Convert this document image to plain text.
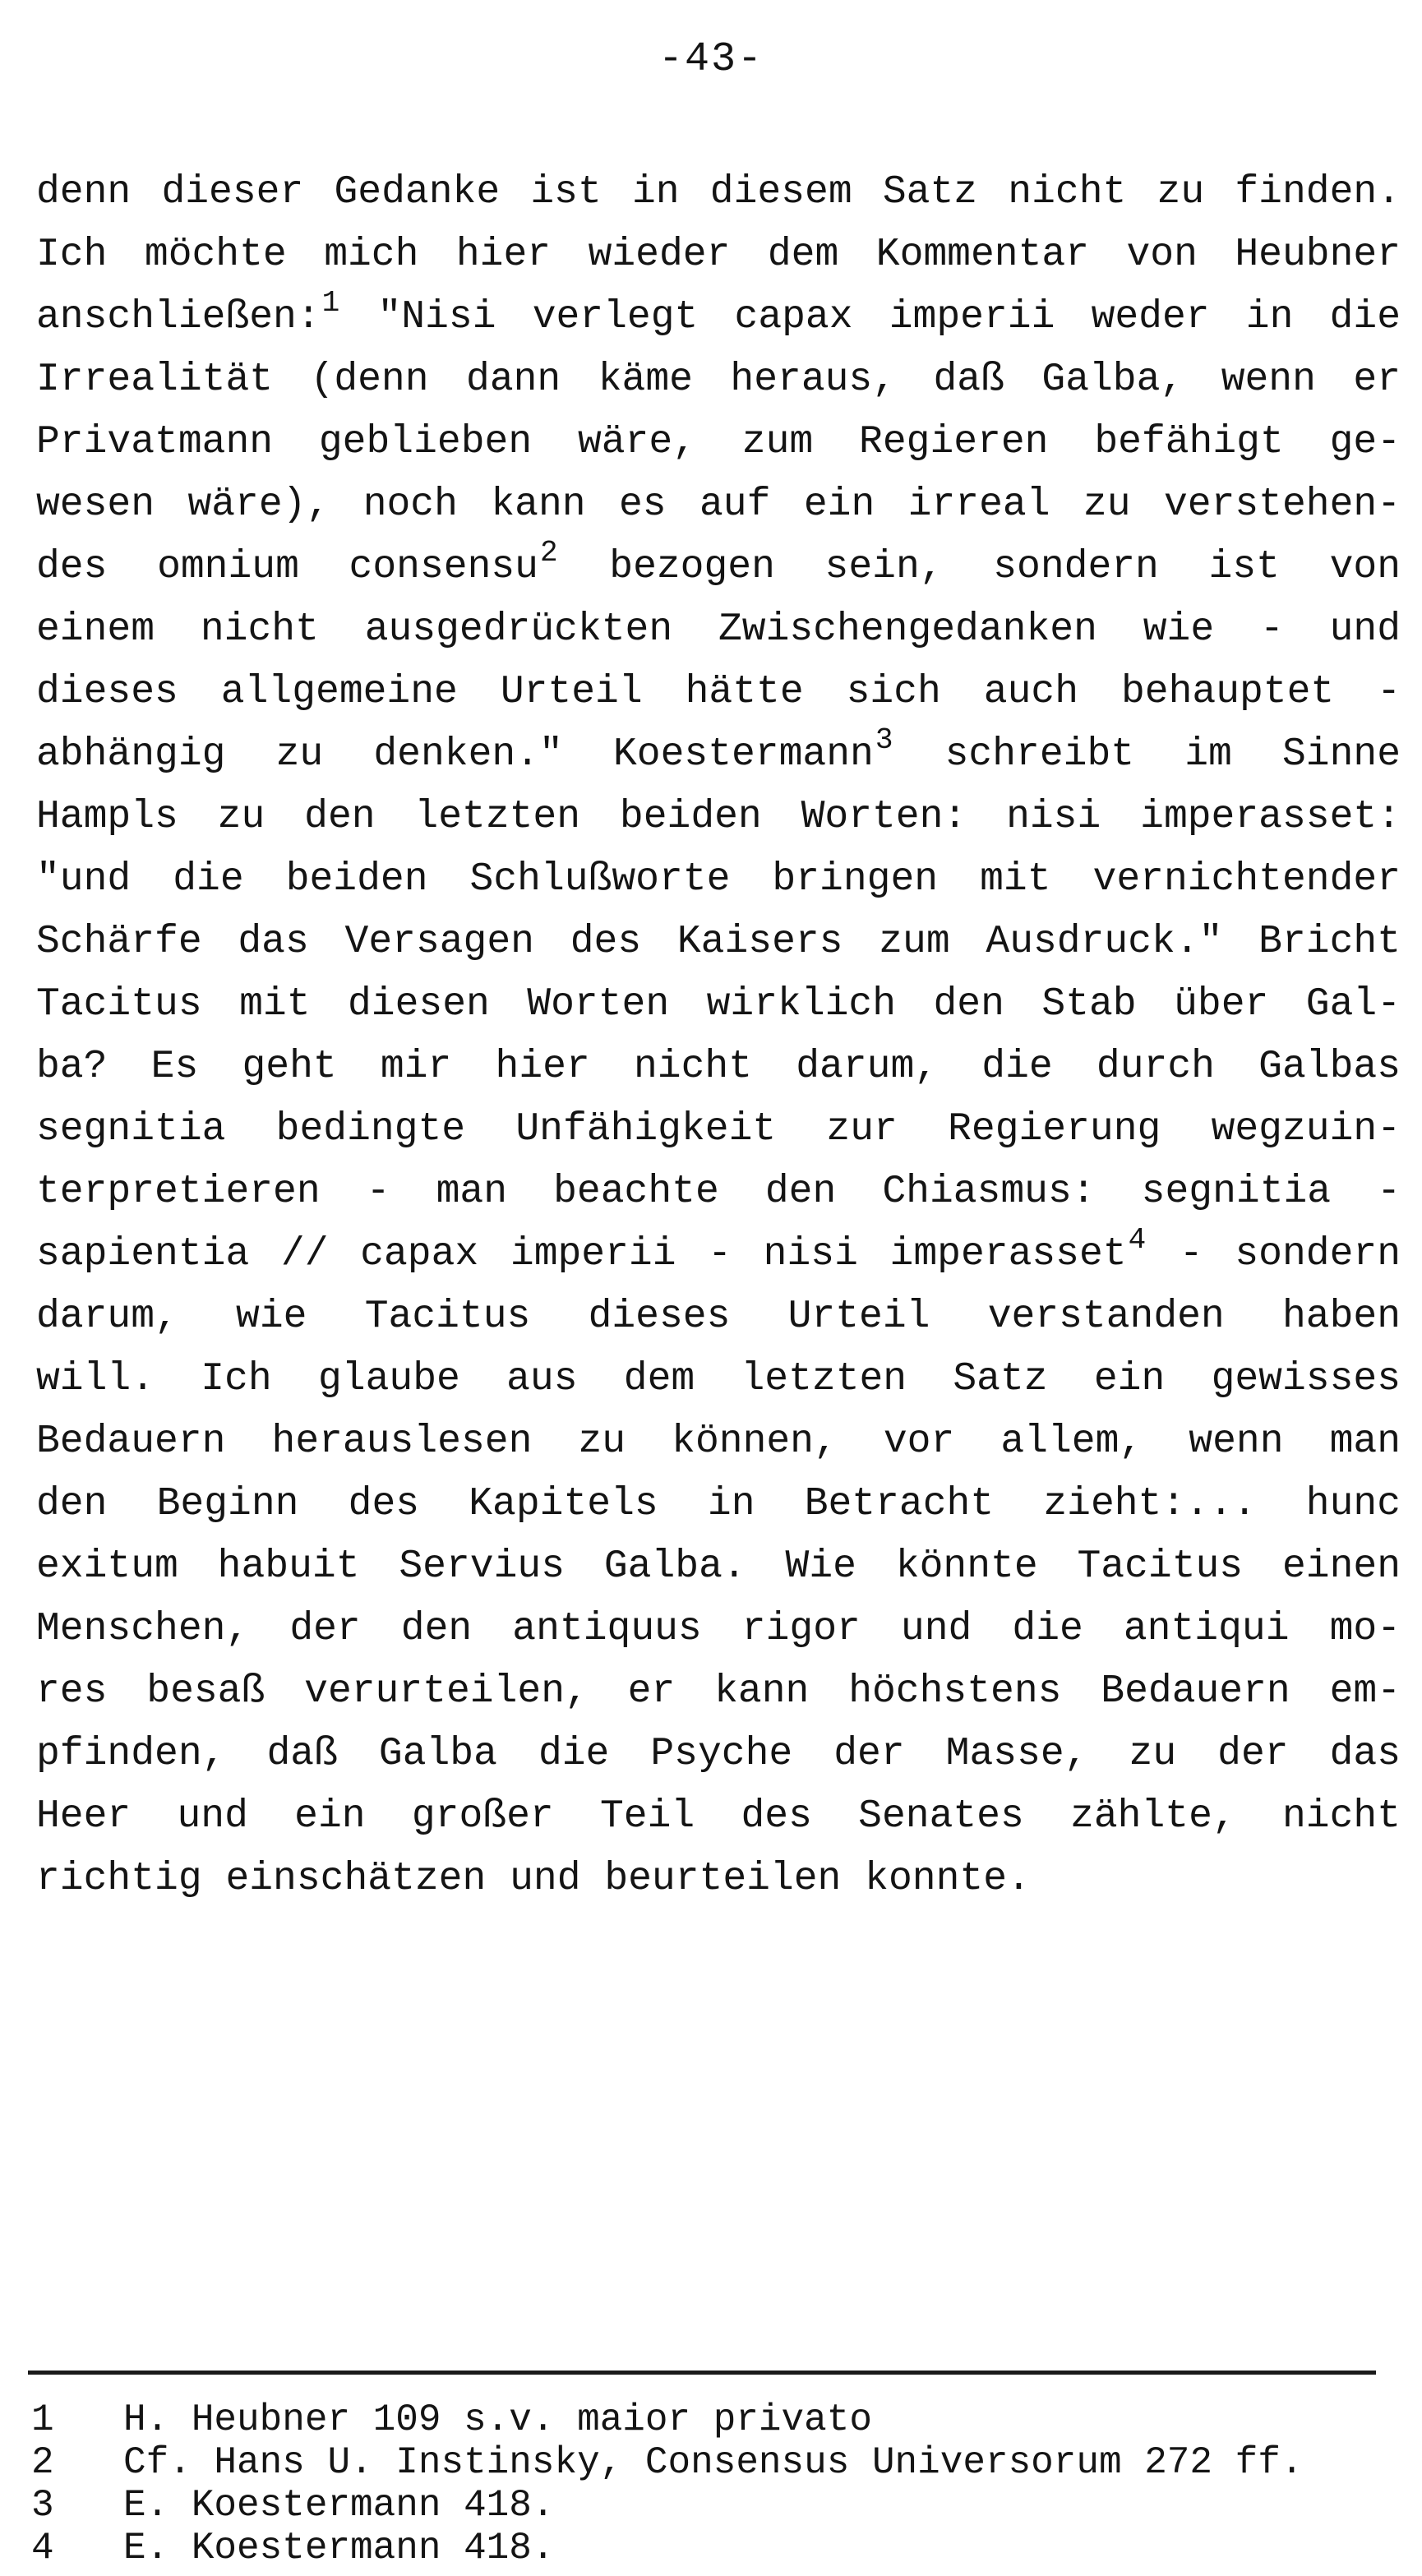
-43-
denn dieser Gedanke ist in diesem Satz nicht zu finden.
Ich möchte mich hier wieder dem Kommentar von Heubner
anschließen:$^1$ "Nisi verlegt capax imperii weder in die
Irrealität (denn dann käme heraus, daß Galba, wenn er
Privatmann geblieben wäre, zum Regieren befähigt ge-
wesen wäre), noch kann es auf ein irreal zu verstehen-
des omnium consensu$^2$ bezogen sein, sondern ist von
einem nicht ausgedrückten Zwischengedanken wie - und
dieses allgemeine Urteil hätte sich auch behauptet -
abhängig zu denken." Koestermann$^3$ schreibt im Sinne
Hampls zu den letzten beiden Worten: nisi imperasset:
"und die beiden Schlußworte bringen mit vernichtender
Schärfe das Versagen des Kaisers zum Ausdruck." Bricht
Tacitus mit diesen Worten wirklich den Stab über Gal-
ba? Es geht mir hier nicht darum, die durch Galbas
segnitia bedingte Unfähigkeit zur Regierung wegzuin-
terpretieren - man beachte den Chiasmus: segnitia -
sapientia // capax imperii - nisi imperasset$^4$ - sondern
darum, wie Tacitus dieses Urteil verstanden haben
will. Ich glaube aus dem letzten Satz ein gewisses
Bedauern herauslesen zu können, vor allem, wenn man
den Beginn des Kapitels in Betracht zieht:... hunc
exitum habuit Servius Galba. Wie könnte Tacitus einen
Menschen, der den antiquus rigor und die antiqui mo-
res besaß verurteilen, er kann höchstens Bedauern em-
pfinden, daß Galba die Psyche der Masse, zu der das
Heer und ein großer Teil des Senates zählte, nicht
richtig einschätzen und beurteilen konnte.
1 H. Heubner 109 s.v. maior privato
2 Cf. Hans U. Instinsky, Consensus Universorum 272 ff.
3 E. Koestermann 418.
4 E. Koestermann 418.
